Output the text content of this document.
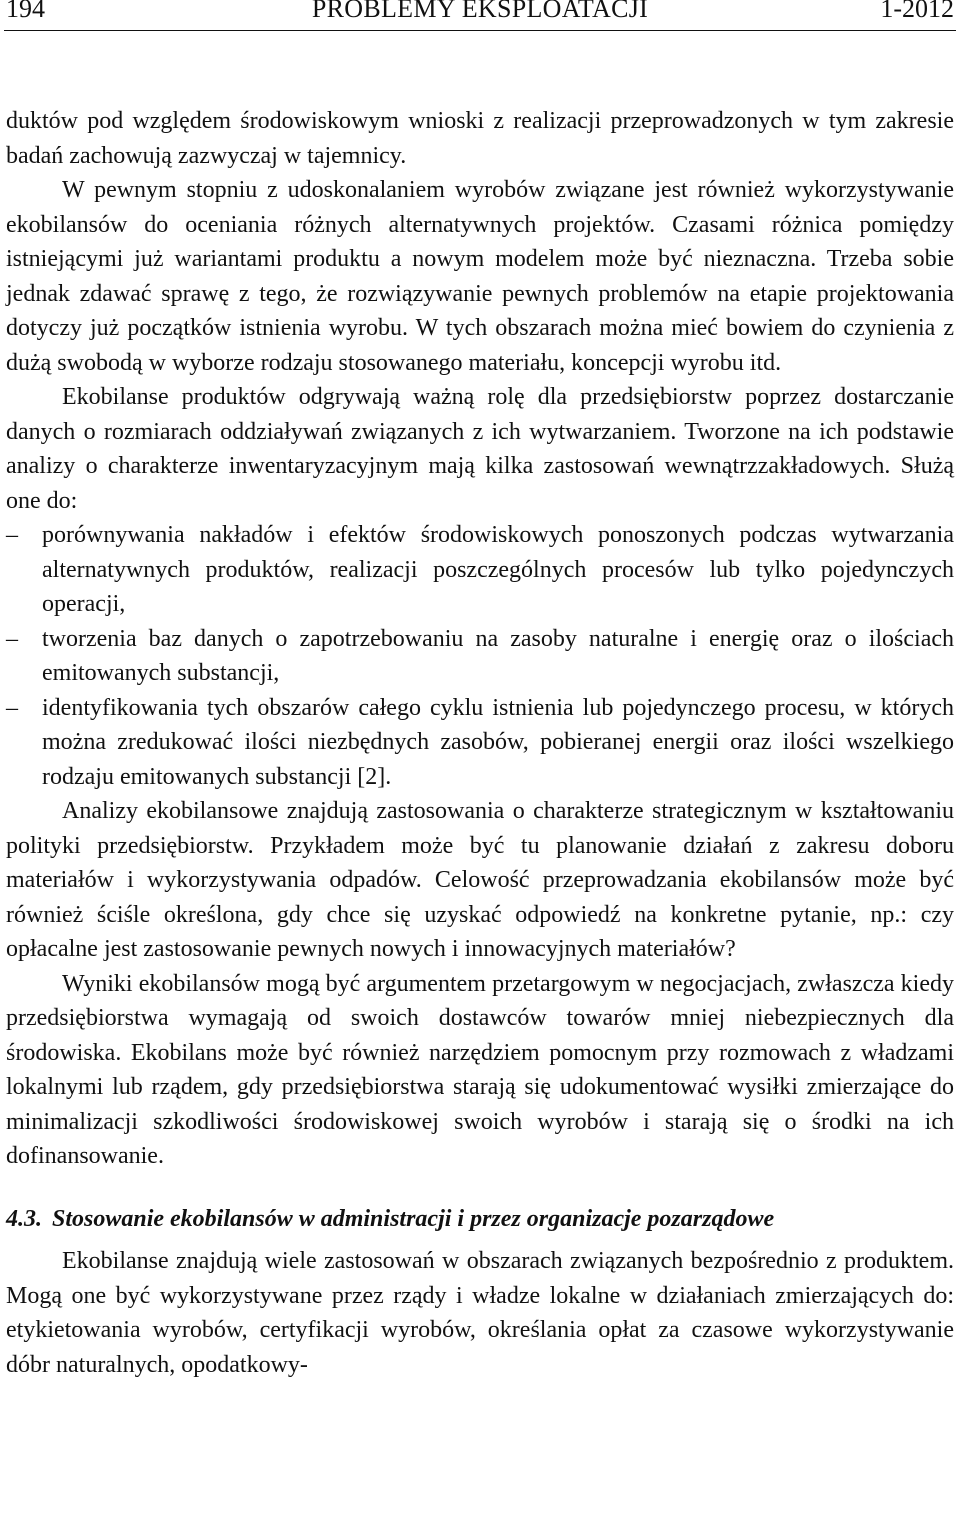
194	PROBLEMY EKSPLOATACJI	1-2012

duktów pod względem środowiskowym wnioski z realizacji przeprowadzonych w tym zakresie badań zachowują zazwyczaj w tajemnicy.

W pewnym stopniu z udoskonalaniem wyrobów związane jest również wykorzystywanie ekobilansów do oceniania różnych alternatywnych projektów. Czasami różnica pomiędzy istniejącymi już wariantami produktu a nowym modelem może być nieznaczna. Trzeba sobie jednak zdawać sprawę z tego, że rozwiązywanie pewnych problemów na etapie projektowania dotyczy już początków istnienia wyrobu. W tych obszarach można mieć bowiem do czynienia z dużą swobodą w wyborze rodzaju stosowanego materiału, koncepcji wyrobu itd.

Ekobilanse produktów odgrywają ważną rolę dla przedsiębiorstw poprzez dostarczanie danych o rozmiarach oddziaływań związanych z ich wytwarzaniem. Tworzone na ich podstawie analizy o charakterze inwentaryzacyjnym mają kilka zastosowań wewnątrzzakładowych. Służą one do:

– porównywania nakładów i efektów środowiskowych ponoszonych podczas wytwarzania alternatywnych produktów, realizacji poszczególnych procesów lub tylko pojedynczych operacji,

– tworzenia baz danych o zapotrzebowaniu na zasoby naturalne i energię oraz o ilościach emitowanych substancji,

– identyfikowania tych obszarów całego cyklu istnienia lub pojedynczego procesu, w których można zredukować ilości niezbędnych zasobów, pobieranej energii oraz ilości wszelkiego rodzaju emitowanych substancji [2].

Analizy ekobilansowe znajdują zastosowania o charakterze strategicznym w kształtowaniu polityki przedsiębiorstw. Przykładem może być tu planowanie działań z zakresu doboru materiałów i wykorzystywania odpadów. Celowość przeprowadzania ekobilansów może być również ściśle określona, gdy chce się uzyskać odpowiedź na konkretne pytanie, np.: czy opłacalne jest zastosowanie pewnych nowych i innowacyjnych materiałów?

Wyniki ekobilansów mogą być argumentem przetargowym w negocjacjach, zwłaszcza kiedy przedsiębiorstwa wymagają od swoich dostawców towarów mniej niebezpiecznych dla środowiska. Ekobilans może być również narzędziem pomocnym przy rozmowach z władzami lokalnymi lub rządem, gdy przedsiębiorstwa starają się udokumentować wysiłki zmierzające do minimalizacji szkodliwości środowiskowej swoich wyrobów i starają się o środki na ich dofinansowanie.

4.3. Stosowanie ekobilansów w administracji i przez organizacje pozarządowe

Ekobilanse znajdują wiele zastosowań w obszarach związanych bezpośrednio z produktem. Mogą one być wykorzystywane przez rządy i władze lokalne w działaniach zmierzających do: etykietowania wyrobów, certyfikacji wyrobów, określania opłat za czasowe wykorzystywanie dóbr naturalnych, opodatkowy-
